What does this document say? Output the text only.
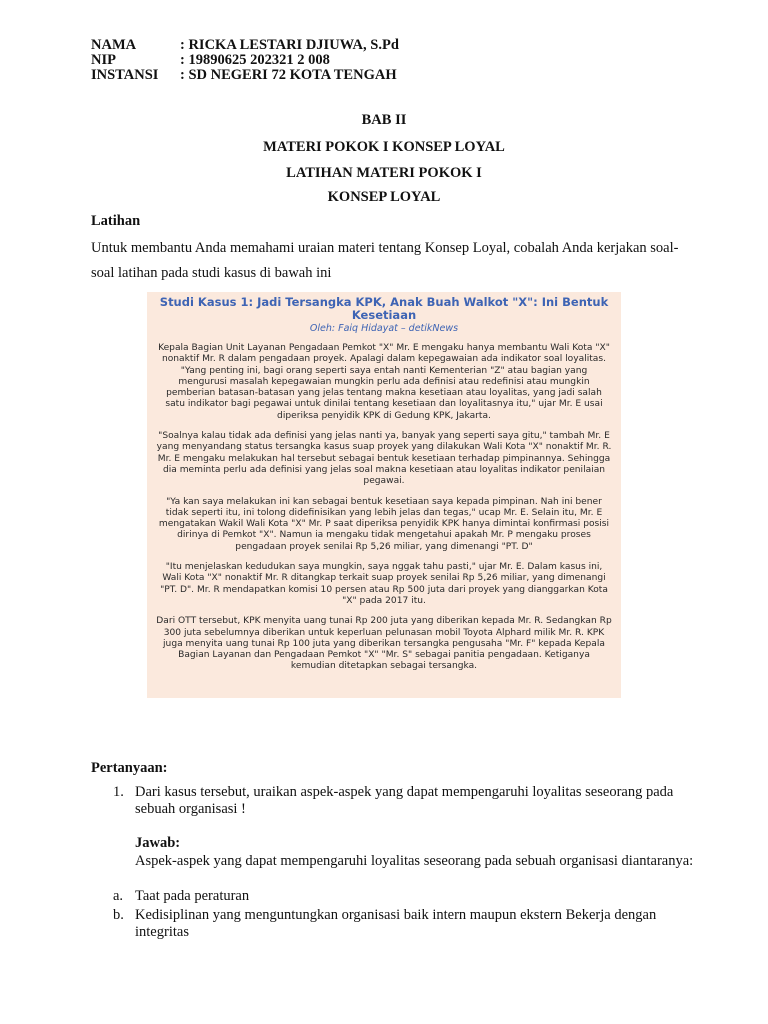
NAMA	: RICKA LESTARI DJIUWA, S.Pd
NIP	: 19890625 202321 2 008
INSTANSI	: SD NEGERI 72 KOTA TENGAH
BAB II
MATERI POKOK I KONSEP LOYAL
LATIHAN MATERI POKOK I
KONSEP LOYAL
Latihan
Untuk membantu Anda memahami uraian materi tentang Konsep Loyal, cobalah Anda kerjakan soal-soal latihan pada studi kasus di bawah ini
Studi Kasus 1: Jadi Tersangka KPK, Anak Buah Walkot "X": Ini Bentuk Kesetiaan
Oleh: Faiq Hidayat – detikNews

Kepala Bagian Unit Layanan Pengadaan Pemkot "X" Mr. E mengaku hanya membantu Wali Kota "X" nonaktif Mr. R dalam pengadaan proyek. Apalagi dalam kepegawaian ada indikator soal loyalitas. "Yang penting ini, bagi orang seperti saya entah nanti Kementerian "Z" atau bagian yang mengurusi masalah kepegawaian mungkin perlu ada definisi atau redefinisi atau mungkin pemberian batasan-batasan yang jelas tentang makna kesetiaan atau loyalitas, yang jadi salah satu indikator bagi pegawai untuk dinilai tentang kesetiaan dan loyalitasnya itu," ujar Mr. E usai diperiksa penyidik KPK di Gedung KPK, Jakarta.

"Soalnya kalau tidak ada definisi yang jelas nanti ya, banyak yang seperti saya gitu," tambah Mr. E yang menyandang status tersangka kasus suap proyek yang dilakukan Wali Kota "X" nonaktif Mr. R. Mr. E mengaku melakukan hal tersebut sebagai bentuk kesetiaan terhadap pimpinannya. Sehingga dia meminta perlu ada definisi yang jelas soal makna kesetiaan atau loyalitas indikator penilaian pegawai.

"Ya kan saya melakukan ini kan sebagai bentuk kesetiaan saya kepada pimpinan. Nah ini bener tidak seperti itu, ini tolong didefinisikan yang lebih jelas dan tegas," ucap Mr. E. Selain itu, Mr. E mengatakan Wakil Wali Kota "X" Mr. P saat diperiksa penyidik KPK hanya dimintai konfirmasi posisi dirinya di Pemkot "X". Namun ia mengaku tidak mengetahui apakah Mr. P mengaku proses pengadaan proyek senilai Rp 5,26 miliar, yang dimenangi "PT. D"

"Itu menjelaskan kedudukan saya mungkin, saya nggak tahu pasti," ujar Mr. E. Dalam kasus ini, Wali Kota "X" nonaktif Mr. R ditangkap terkait suap proyek senilai Rp 5,26 miliar, yang dimenangi "PT. D". Mr. R mendapatkan komisi 10 persen atau Rp 500 juta dari proyek yang dianggarkan Kota "X" pada 2017 itu.

Dari OTT tersebut, KPK menyita uang tunai Rp 200 juta yang diberikan kepada Mr. R. Sedangkan Rp 300 juta sebelumnya diberikan untuk keperluan pelunasan mobil Toyota Alphard milik Mr. R. KPK juga menyita uang tunai Rp 100 juta yang diberikan tersangka pengusaha "Mr. F" kepada Kepala Bagian Layanan dan Pengadaan Pemkot "X" "Mr. S" sebagai panitia pengadaan. Ketiganya kemudian ditetapkan sebagai tersangka.

Pertanyaan:
1. Dari kasus tersebut, uraikan aspek-aspek yang dapat mempengaruhi loyalitas seseorang pada sebuah organisasi !
Jawab:
Aspek-aspek yang dapat mempengaruhi loyalitas seseorang pada sebuah organisasi diantaranya:
a. Taat pada peraturan
b. Kedisiplinan yang menguntungkan organisasi baik intern maupun ekstern Bekerja dengan integritas
